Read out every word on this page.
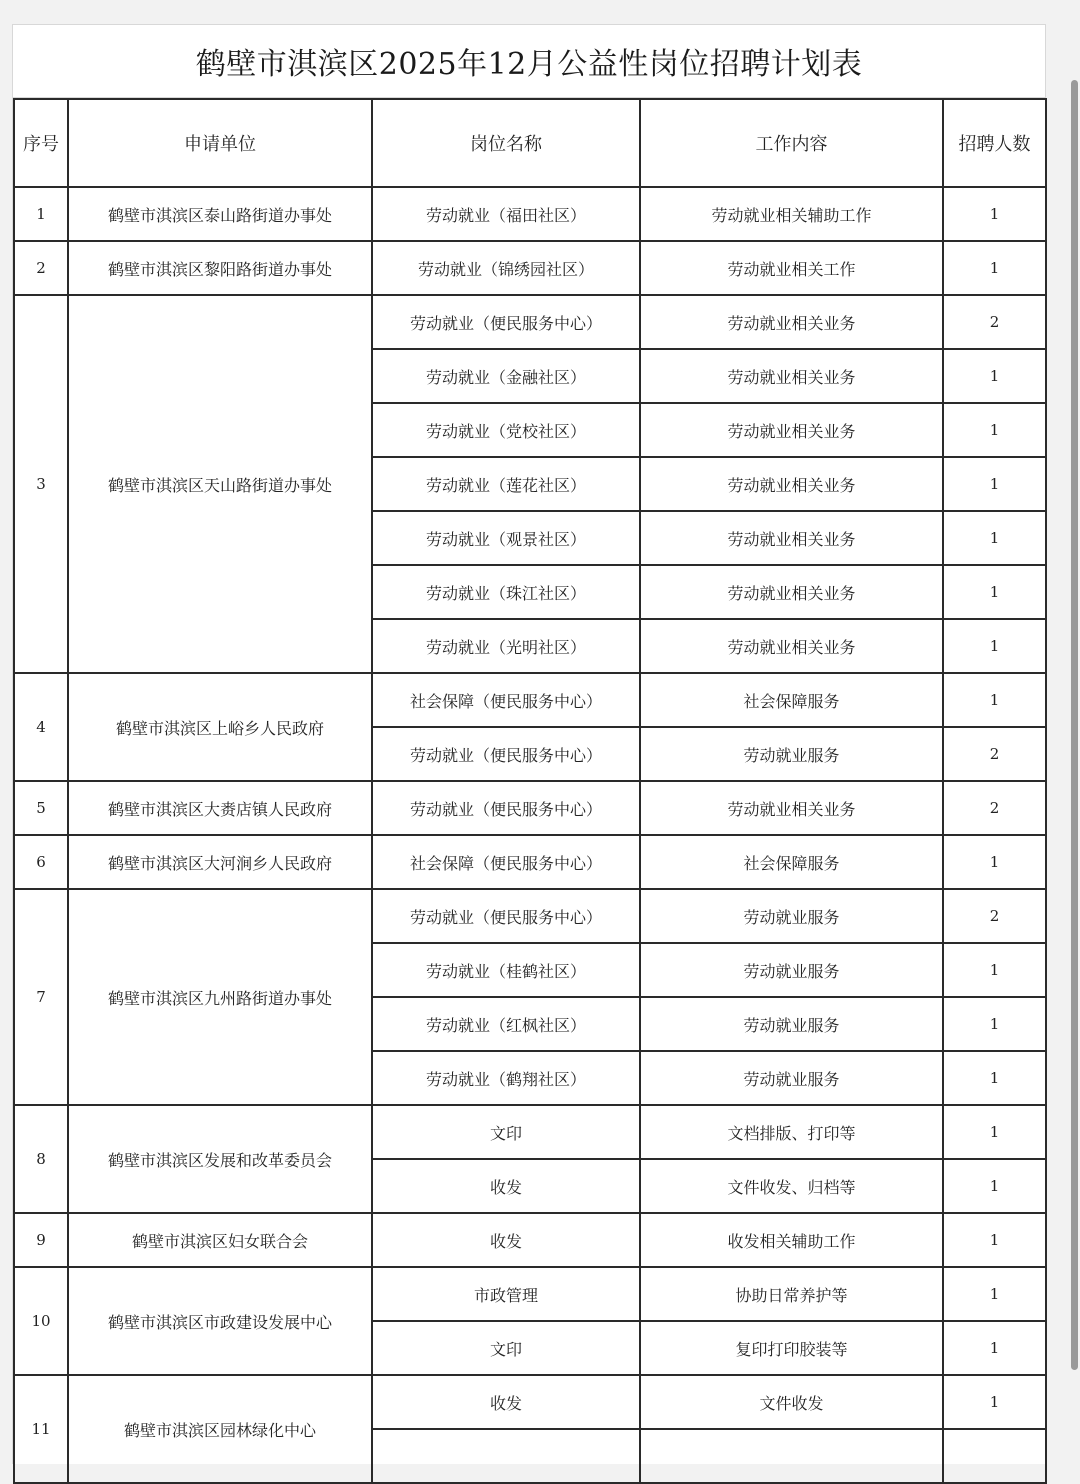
鹤壁市淇滨区2025年12月公益性岗位招聘计划表
序号	申请单位	岗位名称	工作内容	招聘人数
1	鹤壁市淇滨区泰山路街道办事处	劳动就业（福田社区）	劳动就业相关辅助工作	1
2	鹤壁市淇滨区黎阳路街道办事处	劳动就业（锦绣园社区）	劳动就业相关工作	1
3	鹤壁市淇滨区天山路街道办事处	劳动就业（便民服务中心）	劳动就业相关业务	2
		劳动就业（金融社区）	劳动就业相关业务	1
		劳动就业（党校社区）	劳动就业相关业务	1
		劳动就业（莲花社区）	劳动就业相关业务	1
		劳动就业（观景社区）	劳动就业相关业务	1
		劳动就业（珠江社区）	劳动就业相关业务	1
		劳动就业（光明社区）	劳动就业相关业务	1
4	鹤壁市淇滨区上峪乡人民政府	社会保障（便民服务中心）	社会保障服务	1
		劳动就业（便民服务中心）	劳动就业服务	2
5	鹤壁市淇滨区大赉店镇人民政府	劳动就业（便民服务中心）	劳动就业相关业务	2
6	鹤壁市淇滨区大河涧乡人民政府	社会保障（便民服务中心）	社会保障服务	1
7	鹤壁市淇滨区九州路街道办事处	劳动就业（便民服务中心）	劳动就业服务	2
		劳动就业（桂鹤社区）	劳动就业服务	1
		劳动就业（红枫社区）	劳动就业服务	1
		劳动就业（鹤翔社区）	劳动就业服务	1
8	鹤壁市淇滨区发展和改革委员会	文印	文档排版、打印等	1
		收发	文件收发、归档等	1
9	鹤壁市淇滨区妇女联合会	收发	收发相关辅助工作	1
10	鹤壁市淇滨区市政建设发展中心	市政管理	协助日常养护等	1
		文印	复印打印胶装等	1
11	鹤壁市淇滨区园林绿化中心	收发	文件收发	1
